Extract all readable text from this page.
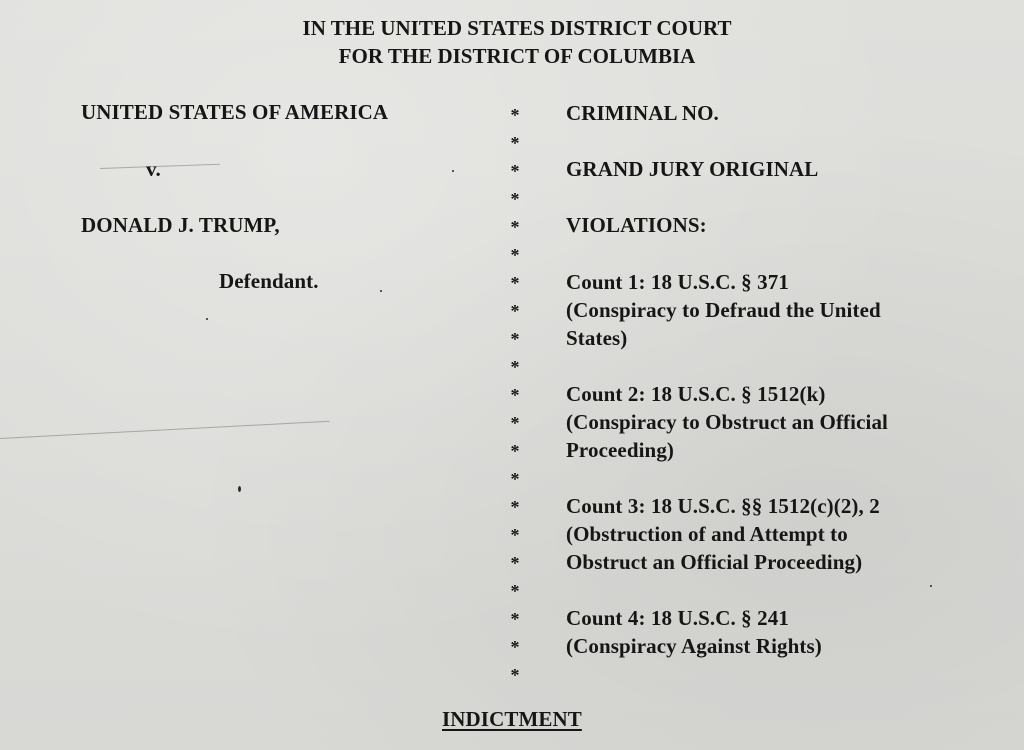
IN THE UNITED STATES DISTRICT COURT
FOR THE DISTRICT OF COLUMBIA
UNITED STATES OF AMERICA
v.
DONALD J. TRUMP,
Defendant.
*
*
*
*
*
*
*
*
*
*
*
*
*
*
*
*
*
*
*
*
*
CRIMINAL NO.
GRAND JURY ORIGINAL
VIOLATIONS:
Count 1: 18 U.S.C. § 371
(Conspiracy to Defraud the United
States)
Count 2: 18 U.S.C. § 1512(k)
(Conspiracy to Obstruct an Official
Proceeding)
Count 3: 18 U.S.C. §§ 1512(c)(2), 2
(Obstruction of and Attempt to
Obstruct an Official Proceeding)
Count 4: 18 U.S.C. § 241
(Conspiracy Against Rights)
INDICTMENT
